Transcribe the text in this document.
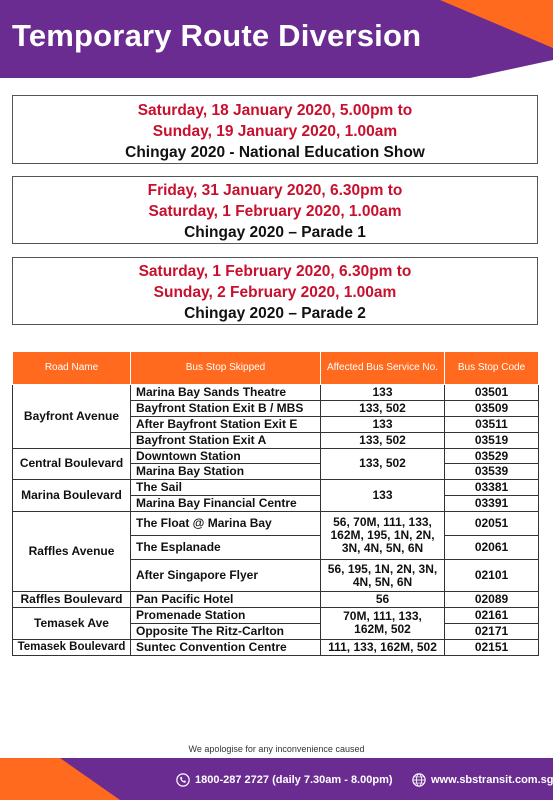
Temporary Route Diversion
Saturday, 18 January 2020, 5.00pm to
Sunday, 19 January 2020, 1.00am
Chingay 2020 - National Education Show
Friday, 31 January 2020, 6.30pm to
Saturday, 1 February 2020, 1.00am
Chingay 2020 – Parade 1
Saturday, 1 February 2020, 6.30pm to
Sunday, 2 February 2020, 1.00am
Chingay 2020 – Parade 2
Road Name	Bus Stop Skipped	Affected Bus Service No.	Bus Stop Code
Bayfront Avenue	Marina Bay Sands Theatre	133	03501
	Bayfront Station Exit B / MBS	133, 502	03509
	After Bayfront Station Exit E	133	03511
	Bayfront Station Exit A	133, 502	03519
Central Boulevard	Downtown Station	133, 502	03529
	Marina Bay Station		03539
Marina Boulevard	The Sail	133	03381
	Marina Bay Financial Centre		03391
Raffles Avenue	The Float @ Marina Bay	56, 70M, 111, 133, 162M, 195, 1N, 2N, 3N, 4N, 5N, 6N	02051
	The Esplanade		02061
	After Singapore Flyer	56, 195, 1N, 2N, 3N, 4N, 5N, 6N	02101
Raffles Boulevard	Pan Pacific Hotel	56	02089
Temasek Ave	Promenade Station	70M, 111, 133, 162M, 502	02161
	Opposite The Ritz-Carlton		02171
Temasek Boulevard	Suntec Convention Centre	111, 133, 162M, 502	02151
We apologise for any inconvenience caused
1800-287 2727 (daily 7.30am - 8.00pm)	www.sbstransit.com.sg
